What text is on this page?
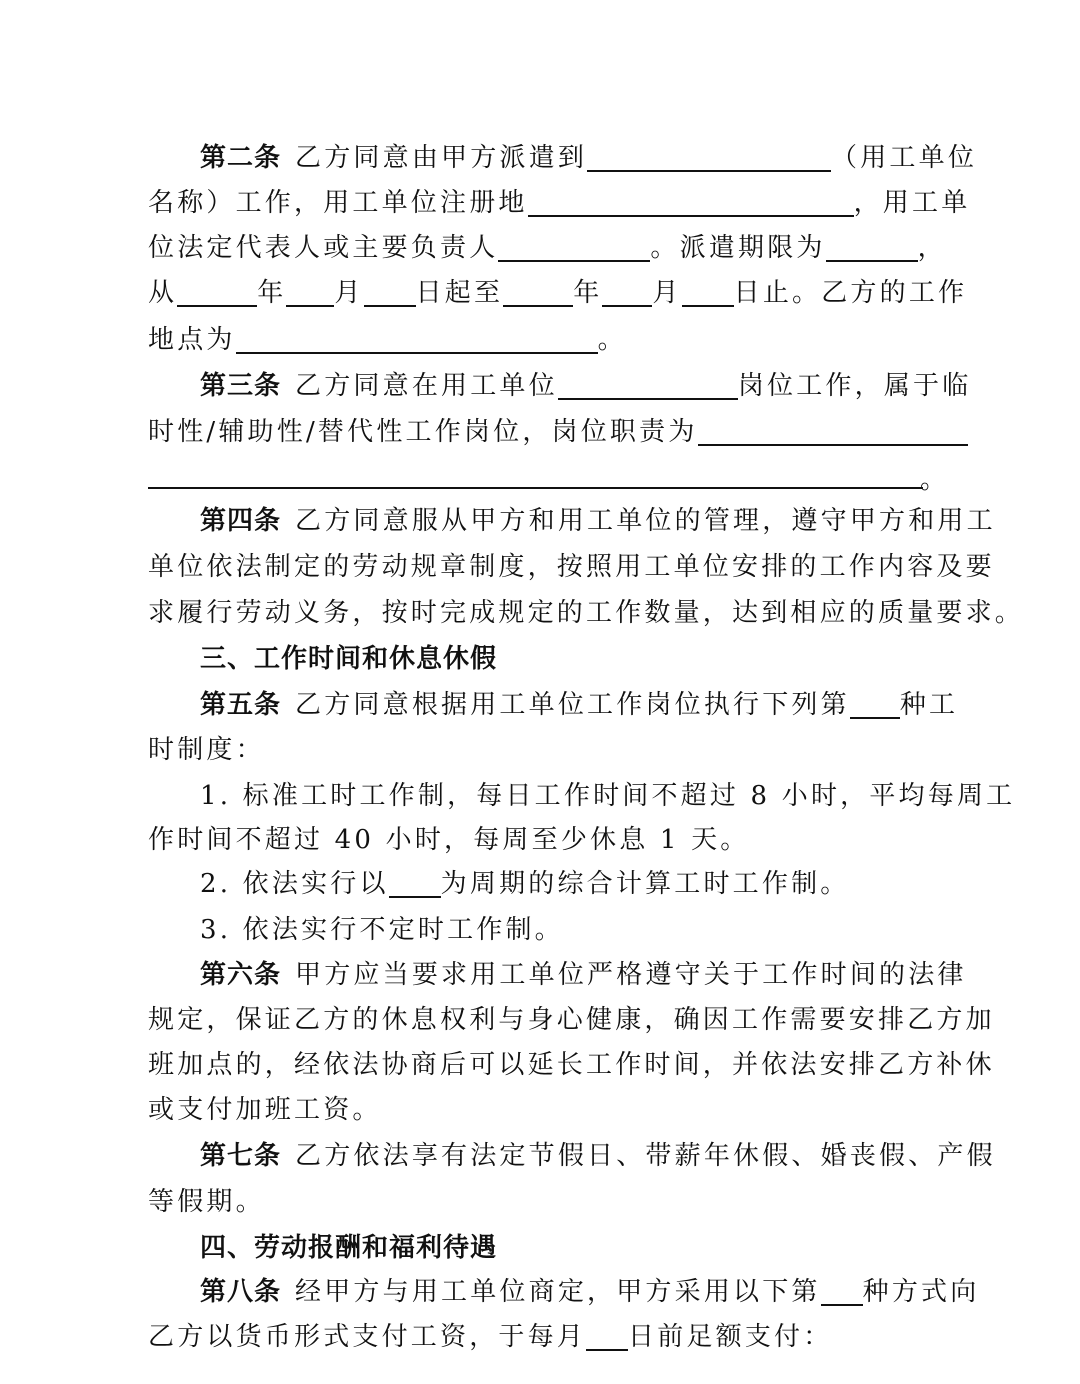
第二条 乙方同意由甲方派遣到	（用工单位
名称）工作，用工单位注册地	，用工单
位法定代表人或主要负责人	。派遣期限为	，
从	年 月 日起至	年 月 日止。乙方的工作
地点为	。
第三条 乙方同意在用工单位	岗位工作，属于临
时性/辅助性/替代性工作岗位，岗位职责为
。
第四条 乙方同意服从甲方和用工单位的管理，遵守甲方和用工
单位依法制定的劳动规章制度，按照用工单位安排的工作内容及要
求履行劳动义务，按时完成规定的工作数量，达到相应的质量要求。
三、工作时间和休息休假
第五条 乙方同意根据用工单位工作岗位执行下列第 种工
时制度：
1. 标准工时工作制，每日工作时间不超过 8 小时，平均每周工
作时间不超过 40 小时，每周至少休息 1 天。
2. 依法实行以 为周期的综合计算工时工作制。
3. 依法实行不定时工作制。
第六条 甲方应当要求用工单位严格遵守关于工作时间的法律
规定，保证乙方的休息权利与身心健康，确因工作需要安排乙方加
班加点的，经依法协商后可以延长工作时间，并依法安排乙方补休
或支付加班工资。
第七条 乙方依法享有法定节假日、带薪年休假、婚丧假、产假
等假期。
四、劳动报酬和福利待遇
第八条 经甲方与用工单位商定，甲方采用以下第 种方式向
乙方以货币形式支付工资，于每月 日前足额支付：
